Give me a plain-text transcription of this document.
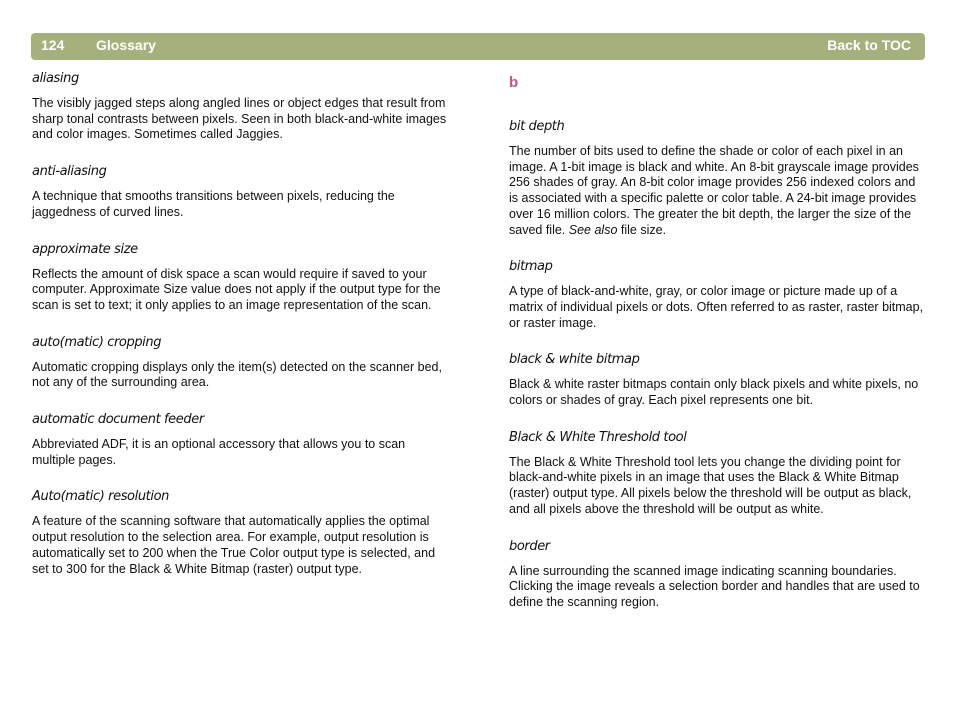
124 Glossary	Back to TOC

aliasing

The visibly jagged steps along angled lines or object edges that result from sharp tonal contrasts between pixels. Seen in both black-and-white images and color images. Sometimes called Jaggies.

anti-aliasing

A technique that smooths transitions between pixels, reducing the jaggedness of curved lines.

approximate size

Reflects the amount of disk space a scan would require if saved to your computer. Approximate Size value does not apply if the output type for the scan is set to text; it only applies to an image representation of the scan.

auto(matic) cropping

Automatic cropping displays only the item(s) detected on the scanner bed, not any of the surrounding area.

automatic document feeder

Abbreviated ADF, it is an optional accessory that allows you to scan multiple pages.

Auto(matic) resolution

A feature of the scanning software that automatically applies the optimal output resolution to the selection area. For example, output resolution is automatically set to 200 when the True Color output type is selected, and set to 300 for the Black & White Bitmap (raster) output type.

b

bit depth

The number of bits used to define the shade or color of each pixel in an image. A 1-bit image is black and white. An 8-bit grayscale image provides 256 shades of gray. An 8-bit color image provides 256 indexed colors and is associated with a specific palette or color table. A 24-bit image provides over 16 million colors. The greater the bit depth, the larger the size of the saved file. See also file size.

bitmap

A type of black-and-white, gray, or color image or picture made up of a matrix of individual pixels or dots. Often referred to as raster, raster bitmap, or raster image.

black & white bitmap

Black & white raster bitmaps contain only black pixels and white pixels, no colors or shades of gray. Each pixel represents one bit.

Black & White Threshold tool

The Black & White Threshold tool lets you change the dividing point for black-and-white pixels in an image that uses the Black & White Bitmap (raster) output type. All pixels below the threshold will be output as black, and all pixels above the threshold will be output as white.

border

A line surrounding the scanned image indicating scanning boundaries. Clicking the image reveals a selection border and handles that are used to define the scanning region.
